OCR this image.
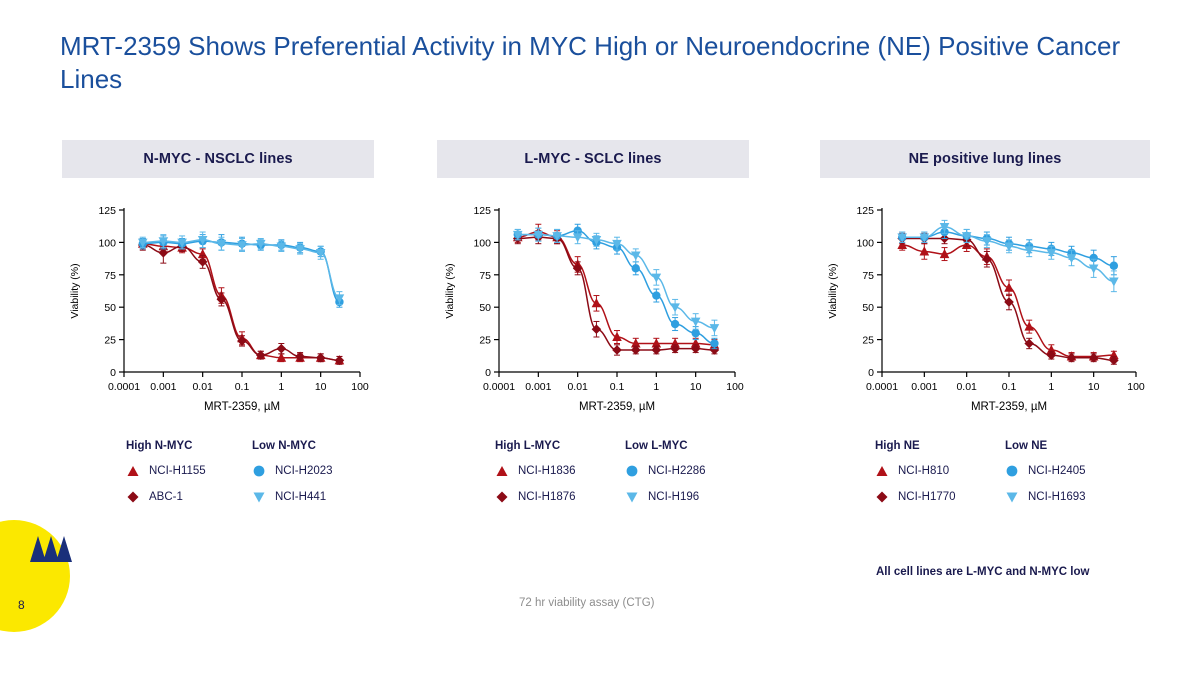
MRT-2359 Shows Preferential Activity in MYC High or Neuroendocrine (NE) Positive Cancer Lines
N-MYC - NSCLC lines
0
25
50
75
100
125
Viability (%)
0.0001 0.001 0.01 0.1	1	10 100
MRT-2359, µM
High N-MYC
NCI-H1155
ABC-1
Low N-MYC
NCI-H2023
NCI-H441
L-MYC - SCLC lines
0
25
50
75
100
125
Viability (%)
0.0001 0.001 0.01 0.1	1	10 100
MRT-2359, µM
High L-MYC
NCI-H1836
NCI-H1876
Low L-MYC
NCI-H2286
NCI-H196
NE positive lung lines
0
25
50
75
100
125
Viability (%)
0.0001 0.001 0.01 0.1	1	10	100
MRT-2359, µM
High NE
NCI-H810
NCI-H1770
Low NE
NCI-H2405
NCI-H1693
All cell lines are L-MYC and N-MYC low
72 hr viability assay (CTG)
8
